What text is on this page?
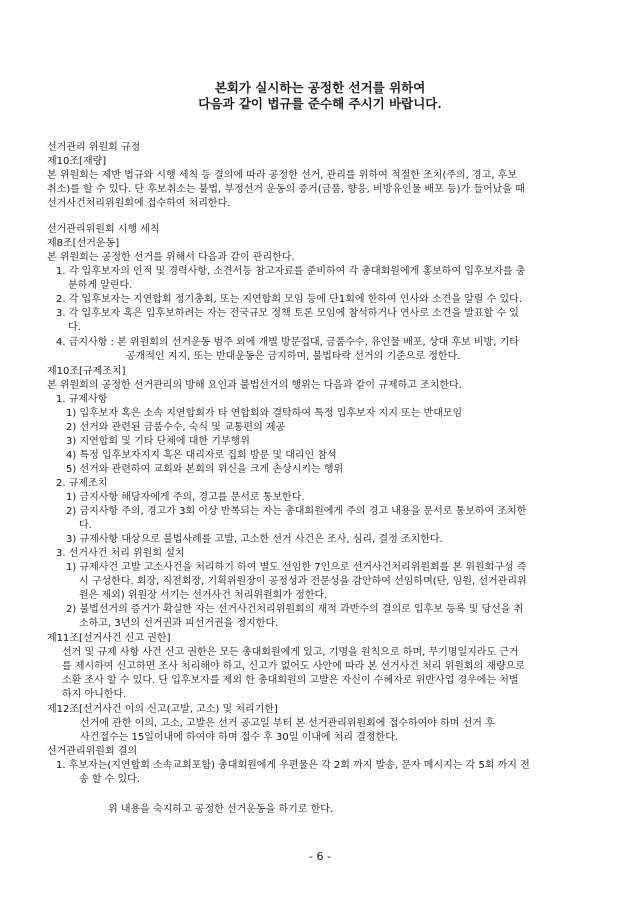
본회가 실시하는 공정한 선거를 위하여
다음과 같이 법규를 준수해 주시기 바랍니다.
선거관리 위원회 규정
제10조[재량]
본 위원회는 제반 법규와 시행 세칙 등 결의에 따라 공정한 선거, 관리를 위하여 적절한 조치(주의, 경고, 후보
취소)를 할 수 있다. 단 후보취소는 불법, 부정선거 운동의 증거(금품, 향응, 비방유인물 배포 등)가 들어났을 때
선거사건처리위원회에 접수하여 처리한다.
선거관리위원회 시행 세칙
제8조[선거운동]
본 위원회는 공정한 선거를 위해서 다음과 같이 관리한다.
1. 각 입후보자의 인적 및 경력사항, 소견서등 참고자료를 준비하여 각 총대회원에게 홍보하여 입후보자를 충
분하게 알린다.
2. 각 입후보자는 지연합회 정기총회, 또는 지연합회 모임 등에 단1회에 한하여 인사와 소견을 알릴 수 있다.
3. 각 입후보자 혹은 입후보하려는 자는 전국규모 정책 토론 모임에 참석하거나 연사로 소견을 발표할 수 있
다.
4. 금지사항 : 본 위원회의 선거운동 범주 외에 개별 방문접대, 금품수수, 유인물 배포, 상대 후보 비방, 기타
공개적인 지지, 또는 반대운동은 금지하며, 불법타락 선거의 기준으로 정한다.
제10조[규제조치]
본 위원회의 공정한 선거관리의 방해 요인과 불법선거의 행위는 다음과 같이 규제하고 조치한다.
1. 규제사항
1) 입후보자 혹은 소속 지연합회가 타 연합회와 결탁하여 특정 입후보자 지지 또는 반대모임
2) 선거와 관련된 금품수수, 숙식 및 교통편의 제공
3) 지연합회 및 기타 단체에 대한 기부행위
4) 특정 입후보자지지 혹은 대리자로 집회 방문 및 대리인 참석
5) 선거와 관련하여 교회와 본회의 위신을 크게 손상시키는 행위
2. 규제조치
1) 금지사항 해당자에게 주의, 경고를 문서로 통보한다.
2) 금지사항 주의, 경고가 3회 이상 반복되는 자는 총대회원에게 주의 경고 내용을 문서로 통보하여 조치한
다.
3) 규제사항 대상으로 불법사례를 고발, 고소한 선거 사건은 조사, 심리, 결정 조치한다.
3. 선거사건 처리 위원회 설치
1) 규제사건 고발 고소사건을 처리하기 하여 별도 선임한 7인으로 선거사건처리위원회를 본 위원회구성 즉
시 구성한다. 회장, 직전회장, 기획위원장이 공정성과 전문성을 감안하여 선임하며(단, 임원, 선거관리위
원은 제외) 위원장 서기는 선거사건 처리위원회가 정한다.
2) 불법선거의 증거가 확실한 자는 선거사건처리위원회의 재적 과반수의 결의로 입후보 등록 및 당선을 취
소하고, 3년의 선거권과 피선거권을 정지한다.
제11조[선거사건 신고 권한]
선거 및 규제 사항 사건 신고 권한은 모든 총대회원에게 있고, 기명을 원칙으로 하며, 무기명일지라도 근거
를 제시하여 신고하면 조사 처리해야 하고, 신고가 없어도 사안에 따라 본 선거사건 처리 위원회의 재량으로
소환 조사 할 수 있다. 단 입후보자를 제외 한 총대회원의 고발은 자신이 수혜자로 위반사업 경우에는 처벌
하지 아니한다.
제12조[선거사건 이의 신고(고발, 고소) 및 처리기한]
선거에 관한 이의, 고소, 고발은 선거 공고일 부터 본 선거관리위원회에 접수하여야 하며 선거 후
사건접수는 15일이내에 하여야 하며 접수 후 30일 이내에 처리 결정한다.
선거관리위원회 결의
1. 후보자는(지연합회 소속교회포함) 총대회원에게 우편물은 각 2회 까지 발송, 문자 메시지는 각 5회 까지 전
송 할 수 있다.
위 내용을 숙지하고 공정한 선거운동을 하기로 한다.
- 6 -
